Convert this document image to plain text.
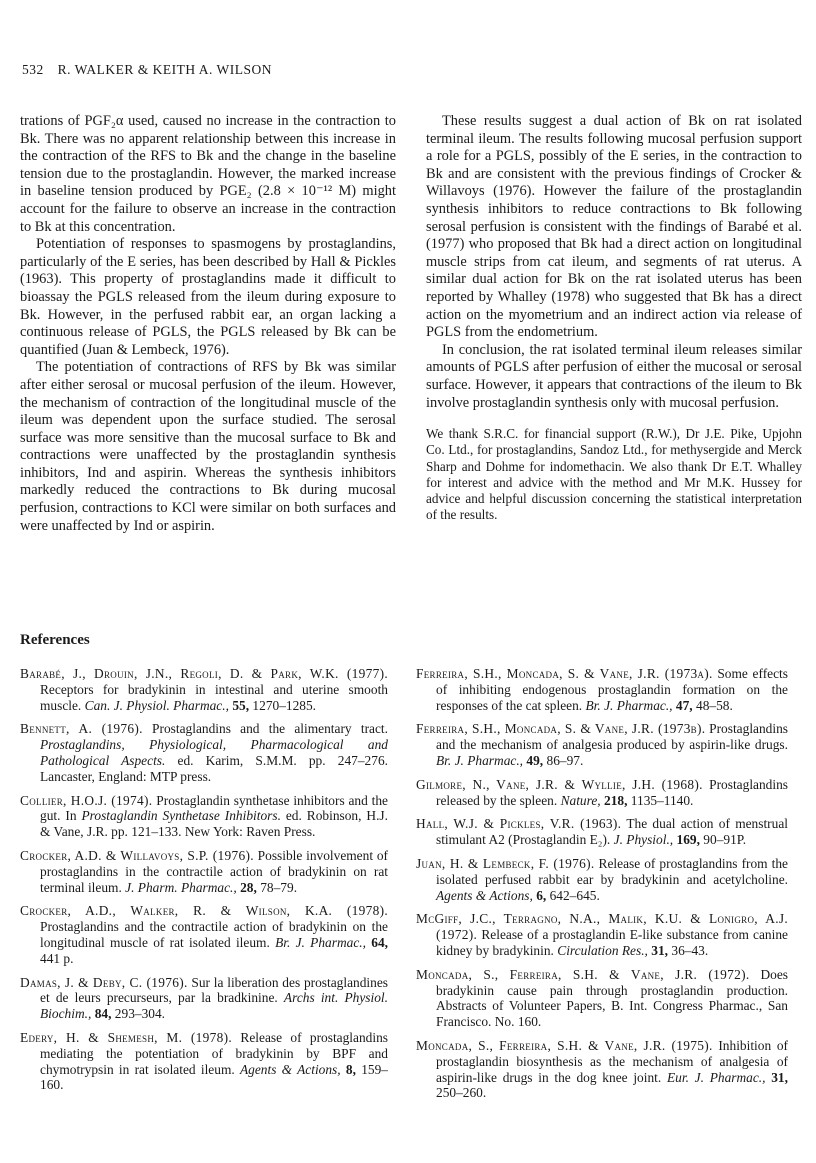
532 R. WALKER & KEITH A. WILSON

trations of PGF₂α used, caused no increase in the contraction to Bk. There was no apparent relationship between this increase in the contraction of the RFS to Bk and the change in the baseline tension due to the prostaglandin. However, the marked increase in baseline tension produced by PGE₂ (2.8 × 10⁻¹² M) might account for the failure to observe an increase in the contraction to Bk at this concentration.

Potentiation of responses to spasmogens by prostaglandins, particularly of the E series, has been described by Hall & Pickles (1963). This property of prostaglandins made it difficult to bioassay the PGLS released from the ileum during exposure to Bk. However, in the perfused rabbit ear, an organ lacking a continuous release of PGLS, the PGLS released by Bk can be quantified (Juan & Lembeck, 1976).

The potentiation of contractions of RFS by Bk was similar after either serosal or mucosal perfusion of the ileum. However, the mechanism of contraction of the longitudinal muscle of the ileum was dependent upon the surface studied. The serosal surface was more sensitive than the mucosal surface to Bk and contractions were unaffected by the prostaglandin synthesis inhibitors, Ind and aspirin. Whereas the synthesis inhibitors markedly reduced the contractions to Bk during mucosal perfusion, contractions to KCl were similar on both surfaces and were unaffected by Ind or aspirin.

These results suggest a dual action of Bk on rat isolated terminal ileum. The results following mucosal perfusion support a role for a PGLS, possibly of the E series, in the contraction to Bk and are consistent with the previous findings of Crocker & Willavoys (1976). However the failure of the prostaglandin synthesis inhibitors to reduce contractions to Bk following serosal perfusion is consistent with the findings of Barabé et al. (1977) who proposed that Bk had a direct action on longitudinal muscle strips from cat ileum, and segments of rat uterus. A similar dual action for Bk on the rat isolated uterus has been reported by Whalley (1978) who suggested that Bk has a direct action on the myometrium and an indirect action via release of PGLS from the endometrium.

In conclusion, the rat isolated terminal ileum releases similar amounts of PGLS after perfusion of either the mucosal or serosal surface. However, it appears that contractions of the ileum to Bk involve prostaglandin synthesis only with mucosal perfusion.

We thank S.R.C. for financial support (R.W.), Dr J.E. Pike, Upjohn Co. Ltd., for prostaglandins, Sandoz Ltd., for methysergide and Merck Sharp and Dohme for indomethacin. We also thank Dr E.T. Whalley for interest and advice with the method and Mr M.K. Hussey for advice and helpful discussion concerning the statistical interpretation of the results.

References

Barabé, J., Drouin, J.N., Regoli, D. & Park, W.K. (1977). Receptors for bradykinin in intestinal and uterine smooth muscle. Can. J. Physiol. Pharmac., 55, 1270–1285.

Bennett, A. (1976). Prostaglandins and the alimentary tract. Prostaglandins, Physiological, Pharmacological and Pathological Aspects. ed. Karim, S.M.M. pp. 247–276. Lancaster, England: MTP press.

Collier, H.O.J. (1974). Prostaglandin synthetase inhibitors and the gut. In Prostaglandin Synthetase Inhibitors. ed. Robinson, H.J. & Vane, J.R. pp. 121–133. New York: Raven Press.

Crocker, A.D. & Willavoys, S.P. (1976). Possible involvement of prostaglandins in the contractile action of bradykinin on rat terminal ileum. J. Pharm. Pharmac., 28, 78–79.

Crocker, A.D., Walker, R. & Wilson, K.A. (1978). Prostaglandins and the contractile action of bradykinin on the longitudinal muscle of rat isolated ileum. Br. J. Pharmac., 64, 441 p.

Damas, J. & Deby, C. (1976). Sur la liberation des prostaglandines et de leurs precurseurs, par la bradkinine. Archs int. Physiol. Biochim., 84, 293–304.

Edery, H. & Shemesh, M. (1978). Release of prostaglandins mediating the potentiation of bradykinin by BPF and chymotrypsin in rat isolated ileum. Agents & Actions, 8, 159–160.

Ferreira, S.H., Moncada, S. & Vane, J.R. (1973a). Some effects of inhibiting endogenous prostaglandin formation on the responses of the cat spleen. Br. J. Pharmac., 47, 48–58.

Ferreira, S.H., Moncada, S. & Vane, J.R. (1973b). Prostaglandins and the mechanism of analgesia produced by aspirin-like drugs. Br. J. Pharmac., 49, 86–97.

Gilmore, N., Vane, J.R. & Wyllie, J.H. (1968). Prostaglandins released by the spleen. Nature, 218, 1135–1140.

Hall, W.J. & Pickles, V.R. (1963). The dual action of menstrual stimulant A2 (Prostaglandin E₂). J. Physiol., 169, 90–91P.

Juan, H. & Lembeck, F. (1976). Release of prostaglandins from the isolated perfused rabbit ear by bradykinin and acetylcholine. Agents & Actions, 6, 642–645.

McGiff, J.C., Terragno, N.A., Malik, K.U. & Lonigro, A.J. (1972). Release of a prostaglandin E-like substance from canine kidney by bradykinin. Circulation Res., 31, 36–43.

Moncada, S., Ferreira, S.H. & Vane, J.R. (1972). Does bradykinin cause pain through prostaglandin production. Abstracts of Volunteer Papers, B. Int. Congress Pharmac., San Francisco. No. 160.

Moncada, S., Ferreira, S.H. & Vane, J.R. (1975). Inhibition of prostaglandin biosynthesis as the mechanism of analgesia of aspirin-like drugs in the dog knee joint. Eur. J. Pharmac., 31, 250–260.
